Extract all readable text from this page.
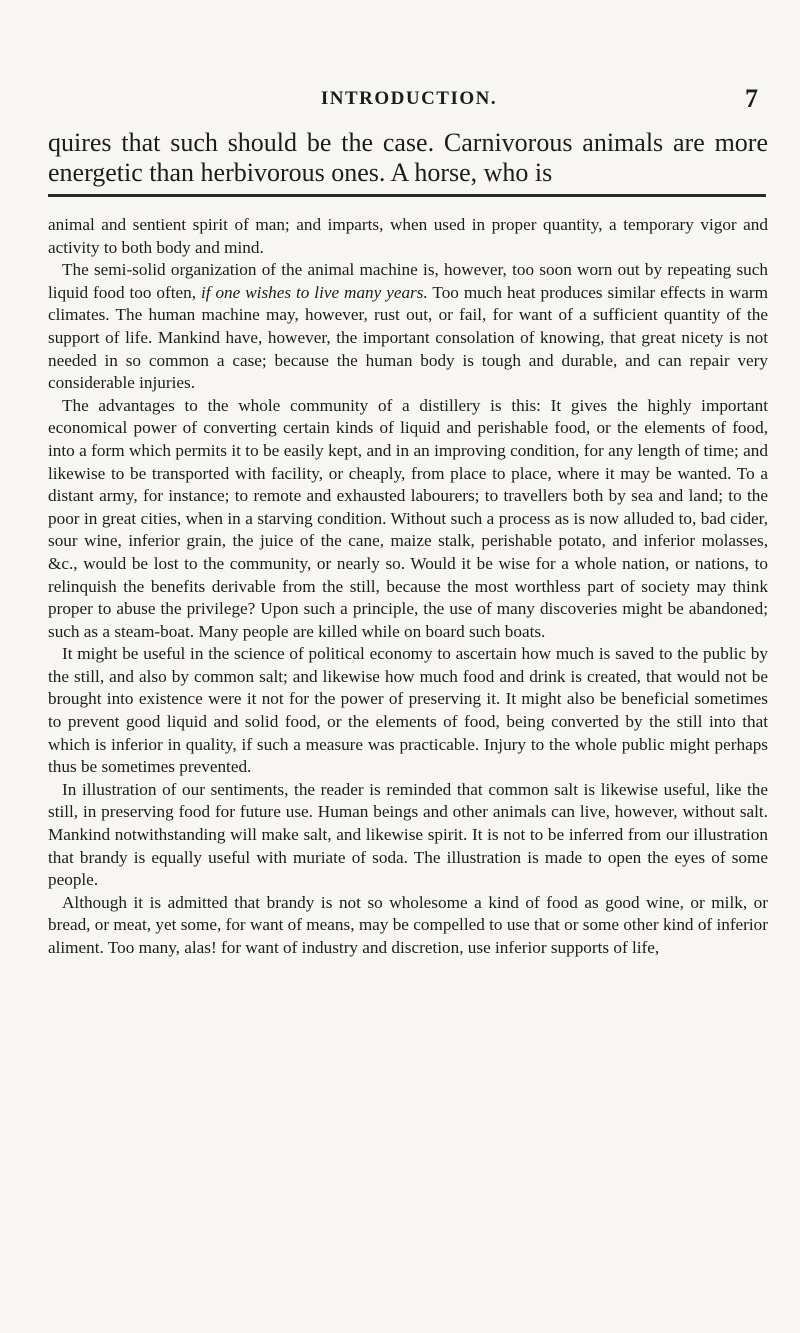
INTRODUCTION.	7
quires that such should be the case. Carnivorous animals are more energetic than herbivorous ones. A horse, who is

animal and sentient spirit of man; and imparts, when used in proper quantity, a temporary vigor and activity to both body and mind.

The semi-solid organization of the animal machine is, however, too soon worn out by repeating such liquid food too often, if one wishes to live many years. Too much heat produces similar effects in warm climates. The human machine may, however, rust out, or fail, for want of a sufficient quantity of the support of life. Mankind have, however, the important consolation of knowing, that great nicety is not needed in so common a case; because the human body is tough and durable, and can repair very considerable injuries.

The advantages to the whole community of a distillery is this: It gives the highly important economical power of converting certain kinds of liquid and perishable food, or the elements of food, into a form which permits it to be easily kept, and in an improving condition, for any length of time; and likewise to be transported with facility, or cheaply, from place to place, where it may be wanted. To a distant army, for instance; to remote and exhausted labourers; to travellers both by sea and land; to the poor in great cities, when in a starving condition. Without such a process as is now alluded to, bad cider, sour wine, inferior grain, the juice of the cane, maize stalk, perishable potato, and inferior molasses, &c., would be lost to the community, or nearly so. Would it be wise for a whole nation, or nations, to relinquish the benefits derivable from the still, because the most worthless part of society may think proper to abuse the privilege? Upon such a principle, the use of many discoveries might be abandoned; such as a steam-boat. Many people are killed while on board such boats.

It might be useful in the science of political economy to ascertain how much is saved to the public by the still, and also by common salt; and likewise how much food and drink is created, that would not be brought into existence were it not for the power of preserving it. It might also be beneficial sometimes to prevent good liquid and solid food, or the elements of food, being converted by the still into that which is inferior in quality, if such a measure was practicable. Injury to the whole public might perhaps thus be sometimes prevented.

In illustration of our sentiments, the reader is reminded that common salt is likewise useful, like the still, in preserving food for future use. Human beings and other animals can live, however, without salt. Mankind notwithstanding will make salt, and likewise spirit. It is not to be inferred from our illustration that brandy is equally useful with muriate of soda. The illustration is made to open the eyes of some people.

Although it is admitted that brandy is not so wholesome a kind of food as good wine, or milk, or bread, or meat, yet some, for want of means, may be compelled to use that or some other kind of inferior aliment. Too many, alas! for want of industry and discretion, use inferior supports of life,
